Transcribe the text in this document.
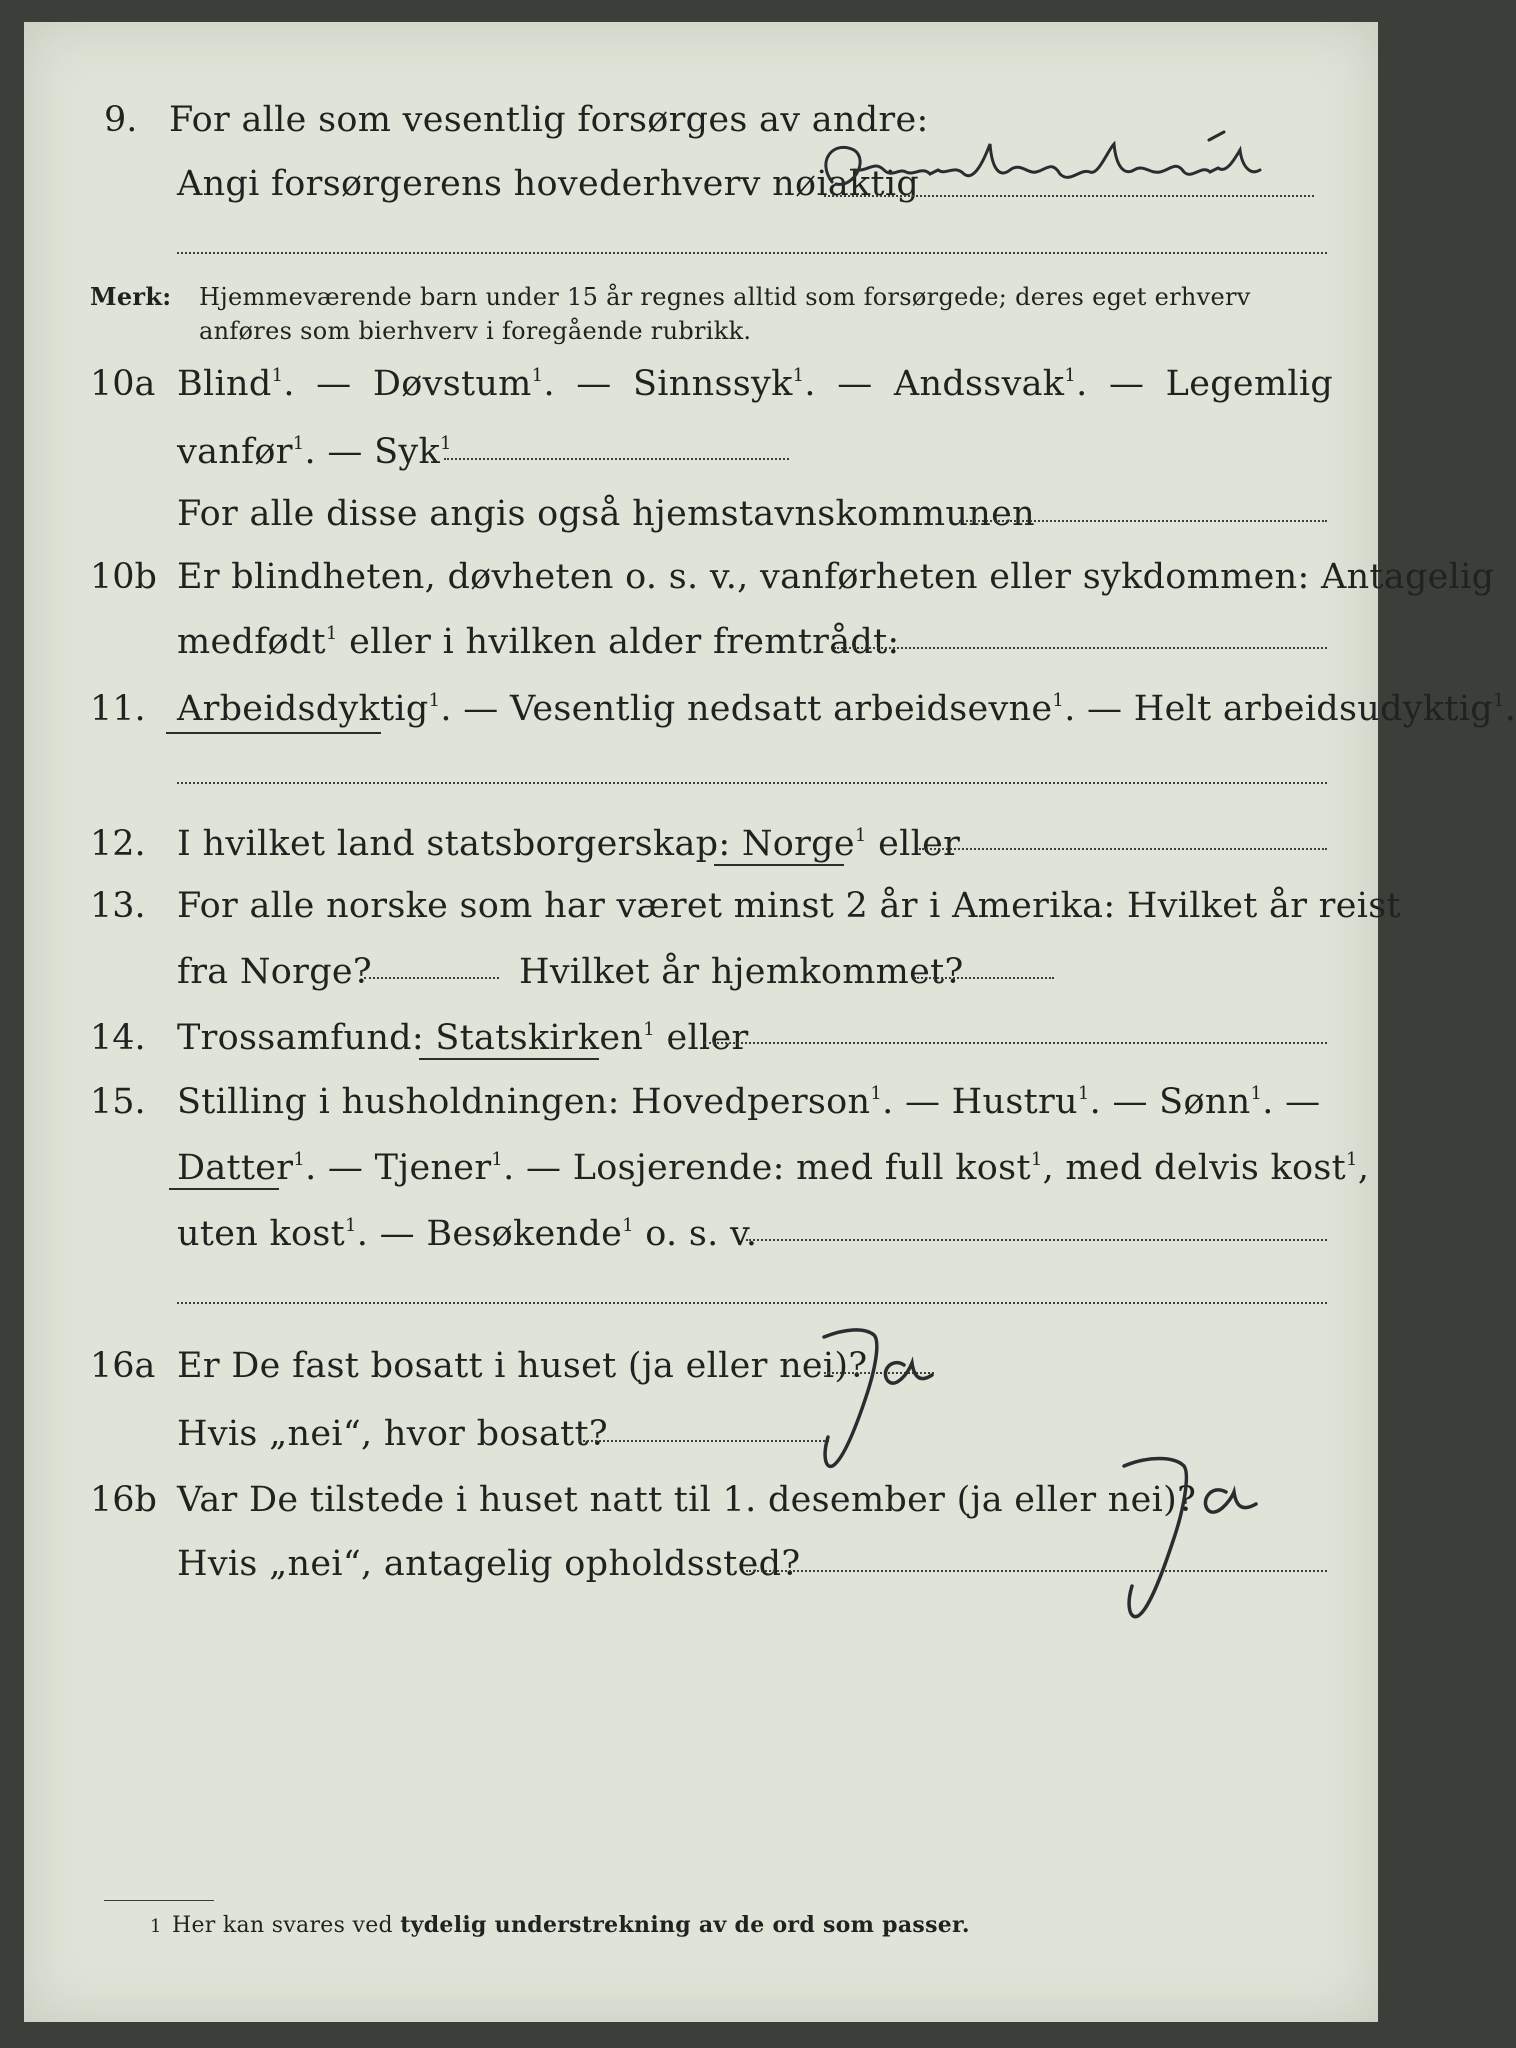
9. For alle som vesentlig forsørges av andre:
Angi forsørgerens hovederhverv nøiaktig
Merk: Hjemmeværende barn under 15 år regnes alltid som forsørgede; deres eget erhverv
anføres som bierhverv i foregående rubrikk.
10a Blind$^1$. — Døvstum$^1$. — Sinnssyk$^1$. — Andssvak$^1$. — Legemlig
vanfør$^1$. — Syk$^1$
For alle disse angis også hjemstavnskommunen
10b Er blindheten, døvheten o. s. v., vanførheten eller sykdommen: Antagelig
medfødt$^1$ eller i hvilken alder fremtrådt:
11. Arbeidsdyktig$^1$. — Vesentlig nedsatt arbeidsevne$^1$. — Helt arbeidsudyktig$^1$.
12. I hvilket land statsborgerskap: Norge$^1$ eller
13. For alle norske som har været minst 2 år i Amerika: Hvilket år reist
fra Norge?	Hvilket år hjemkommet?
14. Trossamfund: Statskirken$^1$ eller
15. Stilling i husholdningen: Hovedperson$^1$. — Hustru$^1$. — Sønn$^1$. —
Datter$^1$. — Tjener$^1$. — Losjerende: med full kost$^1$, med delvis kost$^1$,
uten kost$^1$. — Besøkende$^1$ o. s. v.
16a Er De fast bosatt i huset (ja eller nei)?
Hvis „nei“, hvor bosatt?
Ja
16b Var De tilstede i huset natt til 1. desember (ja eller nei)?
Hvis „nei“, antagelig opholdssted?
1 Her kan svares ved tydelig understrekning av de ord som passer.
